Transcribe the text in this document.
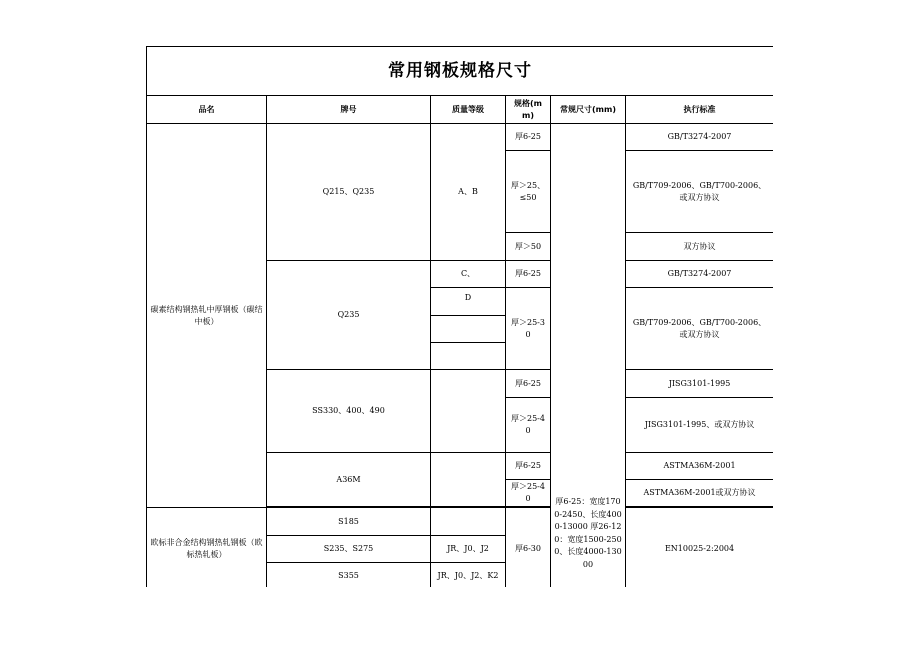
常用钢板规格尺寸					
品名	牌号	质量等级	规格(mm)	常规尺寸(mm)	执行标准
碳素结构钢热轧中厚钢板（碳结中板）	Q215、Q235	A、B	厚6-25	厚6-25：宽度1700-2450、长度4000-13000 厚26-120：宽度1500-2500、长度4000-13000	GB/T3274-2007
			厚＞25、≤50		GB/T709-2006、GB/T700-2006、或双方协议
			厚＞50		双方协议
	Q235	C、	厚6-25		GB/T3274-2007
		D	厚＞25-30		GB/T709-2006、GB/T700-2006、或双方协议

	SS330、400、490		厚6-25		JISG3101-1995
			厚＞25-40		JISG3101-1995、或双方协议
	A36M		厚6-25		ASTMA36M-2001
			厚＞25-40		ASTMA36M-2001或双方协议

欧标非合金结构钢热轧钢板（欧标热轧板）	S185		厚6-30		EN10025-2:2004
	S235、S275	JR、J0、J2			
	S355	JR、J0、J2、K2			
